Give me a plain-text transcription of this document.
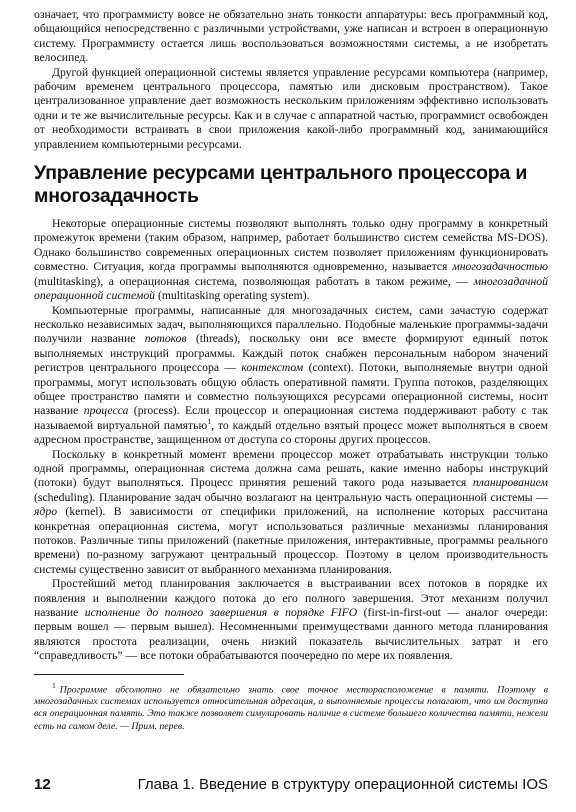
означает, что программисту вовсе не обязательно знать тонкости аппаратуры: весь программный код, общающийся непосредственно с различными устройствами, уже написан и встроен в операционную систему. Программисту остается лишь воспользоваться возможностями системы, а не изобретать велосипед.

Другой функцией операционной системы является управление ресурсами компьютера (например, рабочим временем центрального процессора, памятью или дисковым пространством). Такое централизованное управление дает возможность нескольким приложениям эффективно использовать одни и те же вычислительные ресурсы. Как и в случае с аппаратной частью, программист освобожден от необходимости встраивать в свои приложения какой-либо программный код, занимающийся управлением компьютерными ресурсами.

Управление ресурсами центрального процессора и многозадачность

Некоторые операционные системы позволяют выполнять только одну программу в конкретный промежуток времени (таким образом, например, работает большинство систем семейства MS-DOS). Однако большинство современных операционных систем позволяет приложениям функционировать совместно. Ситуация, когда программы выполняются одновременно, называется многозадачностью (multitasking), а операционная система, позволяющая работать в таком режиме, — многозадачной операционной системой (multitasking operating system).

Компьютерные программы, написанные для многозадачных систем, сами зачастую содержат несколько независимых задач, выполняющихся параллельно. Подобные маленькие программы-задачи получили название потоков (threads), поскольку они все вместе формируют единый поток выполняемых инструкций программы. Каждый поток снабжен персональным набором значений регистров центрального процессора — контекстом (context). Потоки, выполняемые внутри одной программы, могут использовать общую область оперативной памяти. Группа потоков, разделяющих общее пространство памяти и совместно пользующихся ресурсами операционной системы, носит название процесса (process). Если процессор и операционная система поддерживают работу с так называемой виртуальной памятью$^1$, то каждый отдельно взятый процесс может выполняться в своем адресном пространстве, защищенном от доступа со стороны других процессов.

Поскольку в конкретный момент времени процессор может отрабатывать инструкции только одной программы, операционная система должна сама решать, какие именно наборы инструкций (потоки) будут выполняться. Процесс принятия решений такого рода называется планированием (scheduling). Планирование задач обычно возлагают на центральную часть операционной системы — ядро (kernel). В зависимости от специфики приложений, на исполнение которых рассчитана конкретная операционная система, могут использоваться различные механизмы планирования потоков. Различные типы приложений (пакетные приложения, интерактивные, программы реального времени) по-разному загружают центральный процессор. Поэтому в целом производительность системы существенно зависит от выбранного механизма планирования.

Простейший метод планирования заключается в выстраивании всех потоков в порядке их появления и выполнении каждого потока до его полного завершения. Этот механизм получил название исполнение до полного завершения в порядке FIFO (first-in-first-out — аналог очереди: первым вошел — первым вышел). Несомненными преимуществами данного метода планирования являются простота реализации, очень низкий показатель вычислительных затрат и его “справедливость” — все потоки обрабатываются поочередно по мере их появления.

$^1$ Программе абсолютно не обязательно знать свое точное месторасположение в памяти. Поэтому в многозадачных системах используется относительная адресация, а выполняемые процессы полагают, что им доступна вся операционная память. Это также позволяет симулировать наличие в системе большего количества памяти, нежели есть на самом деле. — Прим. перев.

12	Глава 1. Введение в структуру операционной системы IOS
